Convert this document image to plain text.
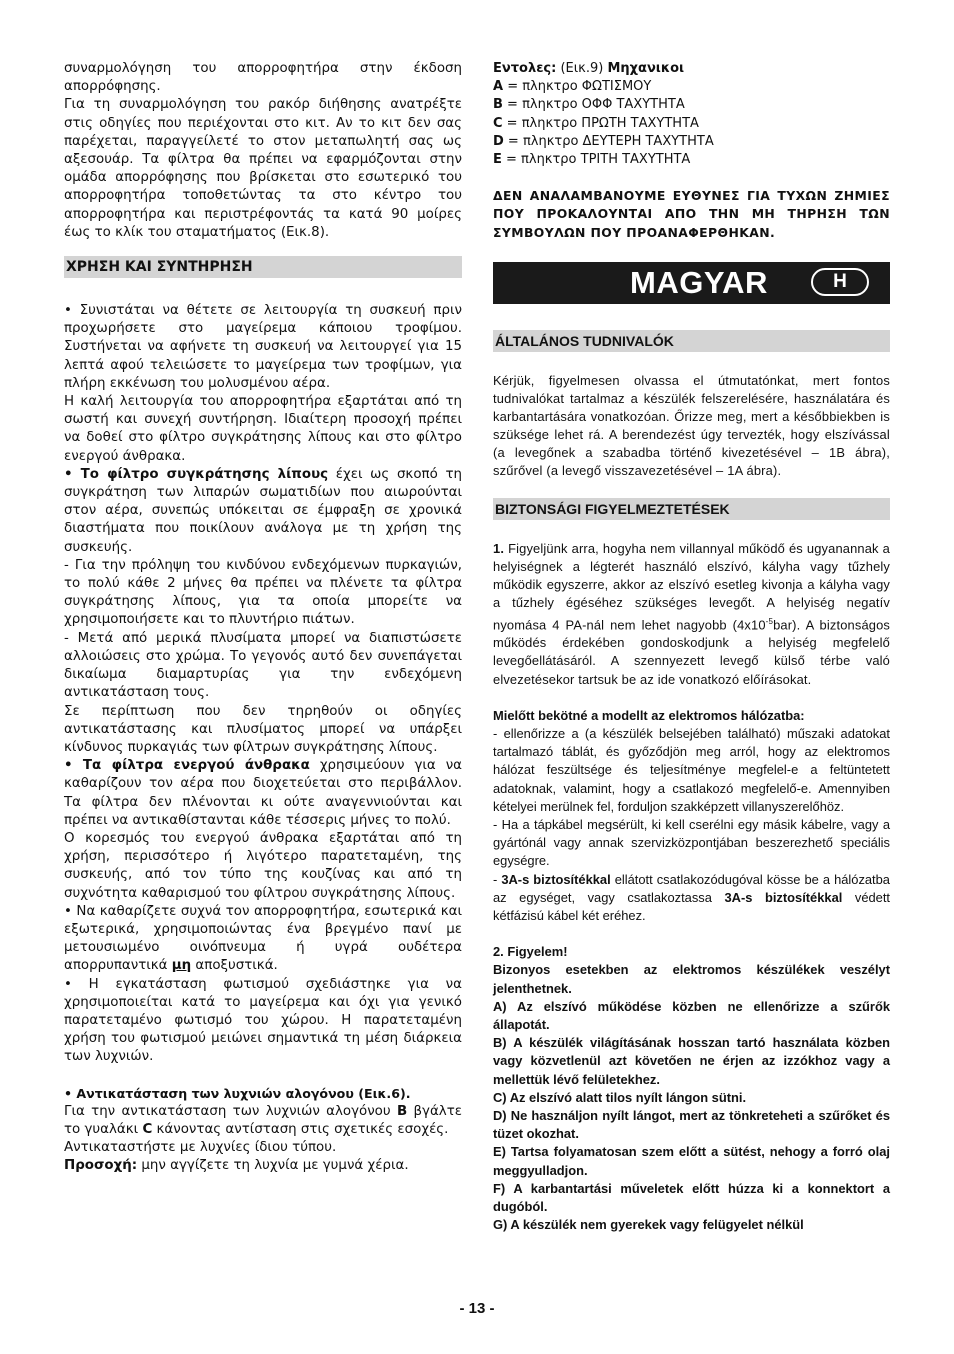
συναρμολόγηση του απορροφητήρα στην έκδοση απορρόφησης.

Για τη συναρμολόγηση του ρακόρ διήθησης ανατρέξτε στις οδηγίες που περιέχονται στο κιτ. Αν το κιτ δεν σας παρέχεται, παραγγείλετέ το στον μεταπωλητή σας ως αξεσουάρ. Τα φίλτρα θα πρέπει να εφαρμόζονται στην ομάδα απορρόφησης που βρίσκεται στο εσωτερικό του απορροφητήρα τοποθετώντας τα στο κέντρο του απορροφητήρα και περιστρέφοντάς τα κατά 90 μοίρες έως το κλίκ του σταματήματος (Εικ.8).

ΧΡΗΣΗ ΚΑΙ ΣΥΝΤΗΡΗΣΗ

• Συνιστάται να θέτετε σε λειτουργία τη συσκευή πριν προχωρήσετε στο μαγείρεμα κάποιου τροφίμου. Συστήνεται να αφήνετε τη συσκευή να λειτουργεί για 15 λεπτά αφού τελειώσετε το μαγείρεμα των τροφίμων, για πλήρη εκκένωση του μολυσμένου αέρα.

Η καλή λειτουργία του απορροφητήρα εξαρτάται από τη σωστή και συνεχή συντήρηση. Ιδιαίτερη προσοχή πρέπει να δοθεί στο φίλτρο συγκράτησης λίπους και στο φίλτρο ενεργού άνθρακα.

• Το φίλτρο συγκράτησης λίπους έχει ως σκοπό τη συγκράτηση των λιπαρών σωματιδίων που αιωρούνται στον αέρα, συνεπώς υπόκειται σε έμφραξη σε χρονικά διαστήματα που ποικίλουν ανάλογα με τη χρήση της συσκευής.

- Για την πρόληψη του κινδύνου ενδεχόμενων πυρκαγιών, το πολύ κάθε 2 μήνες θα πρέπει να πλένετε τα φίλτρα συγκράτησης λίπους, για τα οποία μπορείτε να χρησιμοποιήσετε και το πλυντήριο πιάτων.

- Μετά από μερικά πλυσίματα μπορεί να διαπιστώσετε αλλοιώσεις στο χρώμα. Το γεγονός αυτό δεν συνεπάγεται δικαίωμα διαμαρτυρίας για την ενδεχόμενη αντικατάσταση τους.

Σε περίπτωση που δεν τηρηθούν οι οδηγίες αντικατάστασης και πλυσίματος μπορεί να υπάρξει κίνδυνος πυρκαγιάς των φίλτρων συγκράτησης λίπους.

• Τα φίλτρα ενεργού άνθρακα χρησιμεύουν για να καθαρίζουν τον αέρα που διοχετεύεται στο περιβάλλον. Τα φίλτρα δεν πλένονται κι ούτε αναγεννιούνται και πρέπει να αντικαθίστανται κάθε τέσσερις μήνες το πολύ.

Ο κορεσμός του ενεργού άνθρακα εξαρτάται από τη χρήση, περισσότερο ή λιγότερο παρατεταμένη, της συσκευής, από τον τύπο της κουζίνας και από τη συχνότητα καθαρισμού του φίλτρου συγκράτησης λίπους.

• Να καθαρίζετε συχνά τον απορροφητήρα, εσωτερικά και εξωτερικά, χρησιμοποιώντας ένα βρεγμένο πανί με μετουσιωμένο οινόπνευμα ή υγρά ουδέτερα απορρυπαντικά μη αποξυστικά.

• Η εγκατάσταση φωτισμού σχεδιάστηκε για να χρησιμοποιείται κατά το μαγείρεμα και όχι για γενικό παρατεταμένο φωτισμό του χώρου. Η παρατεταμένη χρήση του φωτισμού μειώνει σημαντικά τη μέση διάρκεια των λυχνιών.

• Αντικατάσταση των λυχνιών αλογόνου (Εικ.6).

Για την αντικατάσταση των λυχνιών αλογόνου B βγάλτε το γυαλάκι C κάνοντας αντίσταση στις σχετικές εσοχές.

Αντικαταστήστε με λυχνίες ίδιου τύπου.

Προσοχή: μην αγγίζετε τη λυχνία με γυμνά χέρια.

Εντολες: (Εικ.9) Μηχανικοι

A = πληκτρο ΦΩΤΙΣΜΟΥ

B = πληκτρο ΟΦΦ ΤΑΧΥΤΗΤΑ

C = πληκτρο ΠΡΩΤΗ ΤΑΧΥΤΗΤΑ

D = πληκτρο ΔΕΥΤΕΡΗ ΤΑΧΥΤΗΤΑ

E = πληκτρο ΤΡΙΤΗ ΤΑΧΥΤΗΤΑ

ΔΕΝ ΑΝΑΛΑΜΒΑΝΟΥΜΕ ΕΥΘΥΝΕΣ ΓΙΑ ΤΥΧΩΝ ΖΗΜΙΕΣ ΠΟΥ ΠΡΟΚΑΛΟΥΝΤΑΙ ΑΠΟ ΤΗΝ ΜΗ ΤΗΡΗΣΗ ΤΩΝ ΣΥΜΒΟΥΛΩΝ ΠΟΥ ΠΡΟΑΝΑΦΕΡΘΗΚΑΝ.

MAGYAR	H
ÁLTALÁNOS TUDNIVALÓK

Kérjük, figyelmesen olvassa el útmutatónkat, mert fontos tudnivalókat tartalmaz a készülék felszerelésére, használatára és karbantartására vonatkozóan. Őrizze meg, mert a későbbiekben is szüksége lehet rá. A berendezést úgy tervezték, hogy elszívással (a levegőnek a szabadba történő kivezetésével – 1B ábra), szűrővel (a levegő visszavezetésével – 1A ábra).

BIZTONSÁGI FIGYELMEZTETÉSEK

1. Figyeljünk arra, hogyha nem villannyal működő és ugyanannak a helyiségnek a légterét használó elszívó, kályha vagy tűzhely működik egyszerre, akkor az elszívó esetleg kivonja a kályha vagy a tűzhely égéséhez szükséges levegőt. A helyiség negatív nyomása 4 PA-nál nem lehet nagyobb $(4x10^{-5}bar)$. A biztonságos működés érdekében gondoskodjunk a helyiség megfelelő levegőellátásáról. A szennyezett levegő külső térbe való elvezetésekor tartsuk be az ide vonatkozó előírásokat.

Mielőtt bekötné a modellt az elektromos hálózatba:

- ellenőrizze a (a készülék belsejében található) műszaki adatokat tartalmazó táblát, és győződjön meg arról, hogy az elektromos hálózat feszültsége és teljesítménye megfelel-e a feltüntetett adatoknak, valamint, hogy a csatlakozó megfelelő-e. Amennyiben kételyei merülnek fel, forduljon szakképzett villanyszerelőhöz.

- Ha a tápkábel megsérült, ki kell cserélni egy másik kábelre, vagy a gyártónál vagy annak szervizközpontjában beszerezhető speciális egységre.

- 3A-s biztosítékkal ellátott csatlakozódugóval kösse be a hálózatba az egységet, vagy csatlakoztassa 3A-s biztosítékkal védett kétfázisú kábel két eréhez.

2. Figyelem!

Bizonyos esetekben az elektromos készülékek veszélyt jelenthetnek.

A) Az elszívó működése közben ne ellenőrizze a szűrők állapotát.

B) A készülék világításának hosszan tartó használata közben vagy közvetlenül azt követően ne érjen az izzókhoz vagy a mellettük lévő felületekhez.

C) Az elszívó alatt tilos nyílt lángon sütni.

D) Ne használjon nyílt lángot, mert az tönkreteheti a szűrőket és tüzet okozhat.

E) Tartsa folyamatosan szem előtt a sütést, nehogy a forró olaj meggyulladjon.

F) A karbantartási műveletek előtt húzza ki a konnektort a dugóból.

G) A készülék nem gyerekek vagy felügyelet nélkül

- 13 -
